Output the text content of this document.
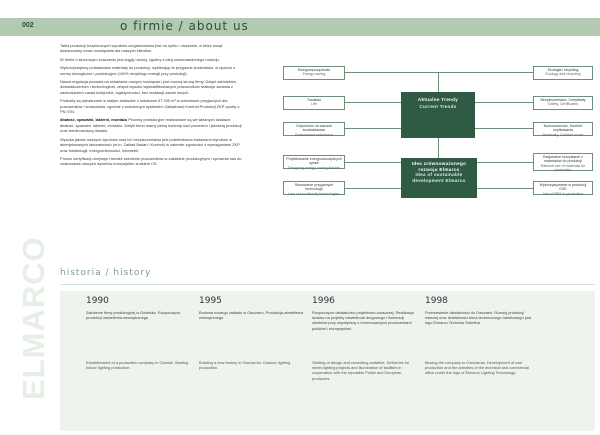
002	o firmie / about us
ELMARCO

Tabia produkcji bezpiecznych wyrobów zorganizowana jest na rynku i otoczenie, w które wciąż dostarczamy nowe rozwiązania dla naszych klientów.

W firmie o kluczowym znaczeniu jest ciągły rozwój, zgodny z ideą zrównoważonego rozwoju.

Wykorzystujemy podstawowe materiały do produkcji, wybierając te przyjazne środowisku, w oparciu o normy ekologiczne i produkcyjne (100% recyklingu energii przy produkcji).

Nasza regulacja pozwala na wdrażanie nowych rozwiązań i jest mocną stroną firmy. Dzięki wieloletnim doświadczeniom i technologiom, zespół wysoko wykwalifikowanych pracowników realizuje zadania z zachowaniem zasad kolejności, logistyczności, bez realizacji zadań innych.

Produkty są wytwarzane w stałym zakładzie o kubaturze 67 000 m³ w warunkach przyjaznych dla pracowników i środowiska, zgodnie z wdrożonym systemem Zakładowej Kontroli Produkcji ZKP oparty o PN i EN.

dbałość, spawalni, lakierni, montażu Procesy produkcyjne realizowane są we własnych działach: dbałość, spawalni, lakierni, montażu. Dzięki temu mamy pełną kontrolę nad procesem i jakością produkcji oraz terminowością dostaw.

Wysoka jakość naszych wyrobów oraz ich bezpieczeństwo jest potwierdzona badaniami wyrobów w akredytowanych laboratoriach (m.in. Zakład Badań i Kontroli) w zakresie zgodności z wymaganiami ZKP oraz fotobiologii, energochłonności, fotometrii.

Proces certyfikacji obejmuje również szkolenie pracowników w zakładzie produkcyjnym i uprawnia nas do znakowania naszych wyrobów europejskim znakiem CE.

Energooszczędność
Energy saving
Trwałość
Life
Odporność na warunki środowiskowe
Environment resistance
Projektowanie energooszczędnych opraw
Designing energy-saving fixtures
Stosowanie przyjaznych technologii
Use of eco-friendly technologies
Aktualne Trendy
Current Trends
Idea zrównoważonego rozwoju Elmarco
Idea of sustainable development Elmarco
Ekologia i recykling
Ecology and recycling
Bezpieczeństwo, Certyfikaty
Safety, Certificates
Nowoczesność, Komfort użytkowania
Modernity, Comfort of use
Racjonalne korzystanie z materiałów do produkcji
Rational use of materials for production
Wykorzystywanie w produkcji OZE
Use of RES in production
historia / history
1990
Założenie firmy produkcyjnej w Gdańsku. Rozpoczęcie produkcji oświetlenia wewnętrznego.
Establishment of a production company in Gdańsk. Starting indoor lighting production.
1995
Budowa nowego zakładu w Owczarni. Produkcja oświetlenia zewnętrznego.
Building a new factory in Owczarnia. Outdoor lighting production.
1996
Rozpoczęcie działalności projektowo-doradczej. Realizacja dostaw na projekty oświetlenia drogowego i iluminacji obiektów przy współpracy z renomowanymi producentami polskimi i europejskimi.
Starting of design and consulting activities. Deliveries for street-lighting projects and illumination of facilities in cooperation with the reputable Polish and European producers.
1998
Przeniesienie działalności do Owczarni. Rozwój produkcji własnej oraz działalności biura technicznego handlowego pod logo Elmarco Technika Świetlna.
Moving the company to Owczarnia. Development of own production and the activities of the technical and commercial office under the logo of Elmarco Lighting Technology.
